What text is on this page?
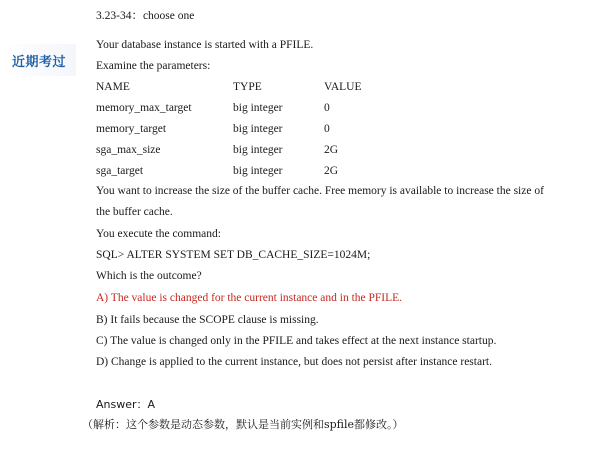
近期考过
3.23-34：choose one
Your database instance is started with a PFILE.
Examine the parameters:
NAME	TYPE	VALUE
memory_max_target	big integer	0
memory_target	big integer	0
sga_max_size	big integer	2G
sga_target	big integer	2G
You want to increase the size of the buffer cache. Free memory is available to increase the size of the buffer cache.
You execute the command:
SQL> ALTER SYSTEM SET DB_CACHE_SIZE=1024M;
Which is the outcome?
A) The value is changed for the current instance and in the PFILE.
B) It fails because the SCOPE clause is missing.
C) The value is changed only in the PFILE and takes effect at the next instance startup.
D) Change is applied to the current instance, but does not persist after instance restart.
Answer：A
（解析：这个参数是动态参数，默认是当前实例和spfile都修改。）
